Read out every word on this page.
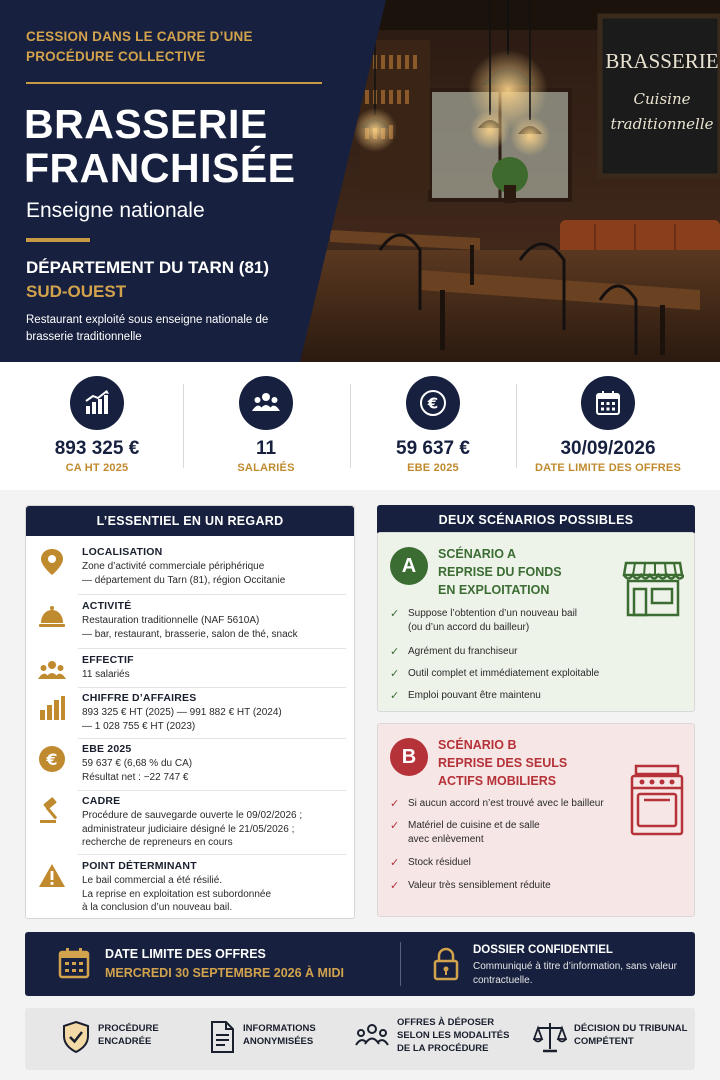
BRASSERIE
Cuisine
traditionnelle
CESSION DANS LE CADRE D’UNE PROCÉDURE COLLECTIVE
BRASSERIE FRANCHISÉE
Enseigne nationale
DÉPARTEMENT DU TARN (81)
SUD-OUEST
Restaurant exploité sous enseigne nationale de brasserie traditionnelle
893 325 €
CA HT 2025
11
SALARIÉS
€
59 637 €
EBE 2025
30/09/2026
DATE LIMITE DES OFFRES
L’ESSENTIEL EN UN REGARD
LOCALISATION
Zone d’activité commerciale périphérique
— département du Tarn (81), région Occitanie
ACTIVITÉ
Restauration traditionnelle (NAF 5610A)
— bar, restaurant, brasserie, salon de thé, snack
EFFECTIF
11 salariés
CHIFFRE D’AFFAIRES
893 325 € HT (2025) — 991 882 € HT (2024)
— 1 028 755 € HT (2023)
€
EBE 2025
59 637 € (6,68 % du CA)
Résultat net : −22 747 €
CADRE
Procédure de sauvegarde ouverte le 09/02/2026 ;
administrateur judiciaire désigné le 21/05/2026 ;
recherche de repreneurs en cours
POINT DÉTERMINANT
Le bail commercial a été résilié.
La reprise en exploitation est subordonnée
à la conclusion d’un nouveau bail.
DEUX SCÉNARIOS POSSIBLES
A
SCÉNARIO A
REPRISE DU FONDS
EN EXPLOITATION
✓ Suppose l’obtention d’un nouveau bail
(ou d’un accord du bailleur)
✓ Agrément du franchiseur
✓ Outil complet et immédiatement exploitable
✓ Emploi pouvant être maintenu
B
SCÉNARIO B
REPRISE DES SEULS
ACTIFS MOBILIERS
✓ Si aucun accord n’est trouvé avec le bailleur
✓ Matériel de cuisine et de salle
avec enlèvement
✓ Stock résiduel
✓ Valeur très sensiblement réduite
DATE LIMITE DES OFFRES
MERCREDI 30 SEPTEMBRE 2026 À MIDI
DOSSIER CONFIDENTIEL
Communiqué à titre d’information, sans valeur contractuelle.
PROCÉDURE
ENCADRÉE
INFORMATIONS
ANONYMISÉES
OFFRES À DÉPOSER
SELON LES MODALITÉS
DE LA PROCÉDURE
DÉCISION DU TRIBUNAL
COMPÉTENT
